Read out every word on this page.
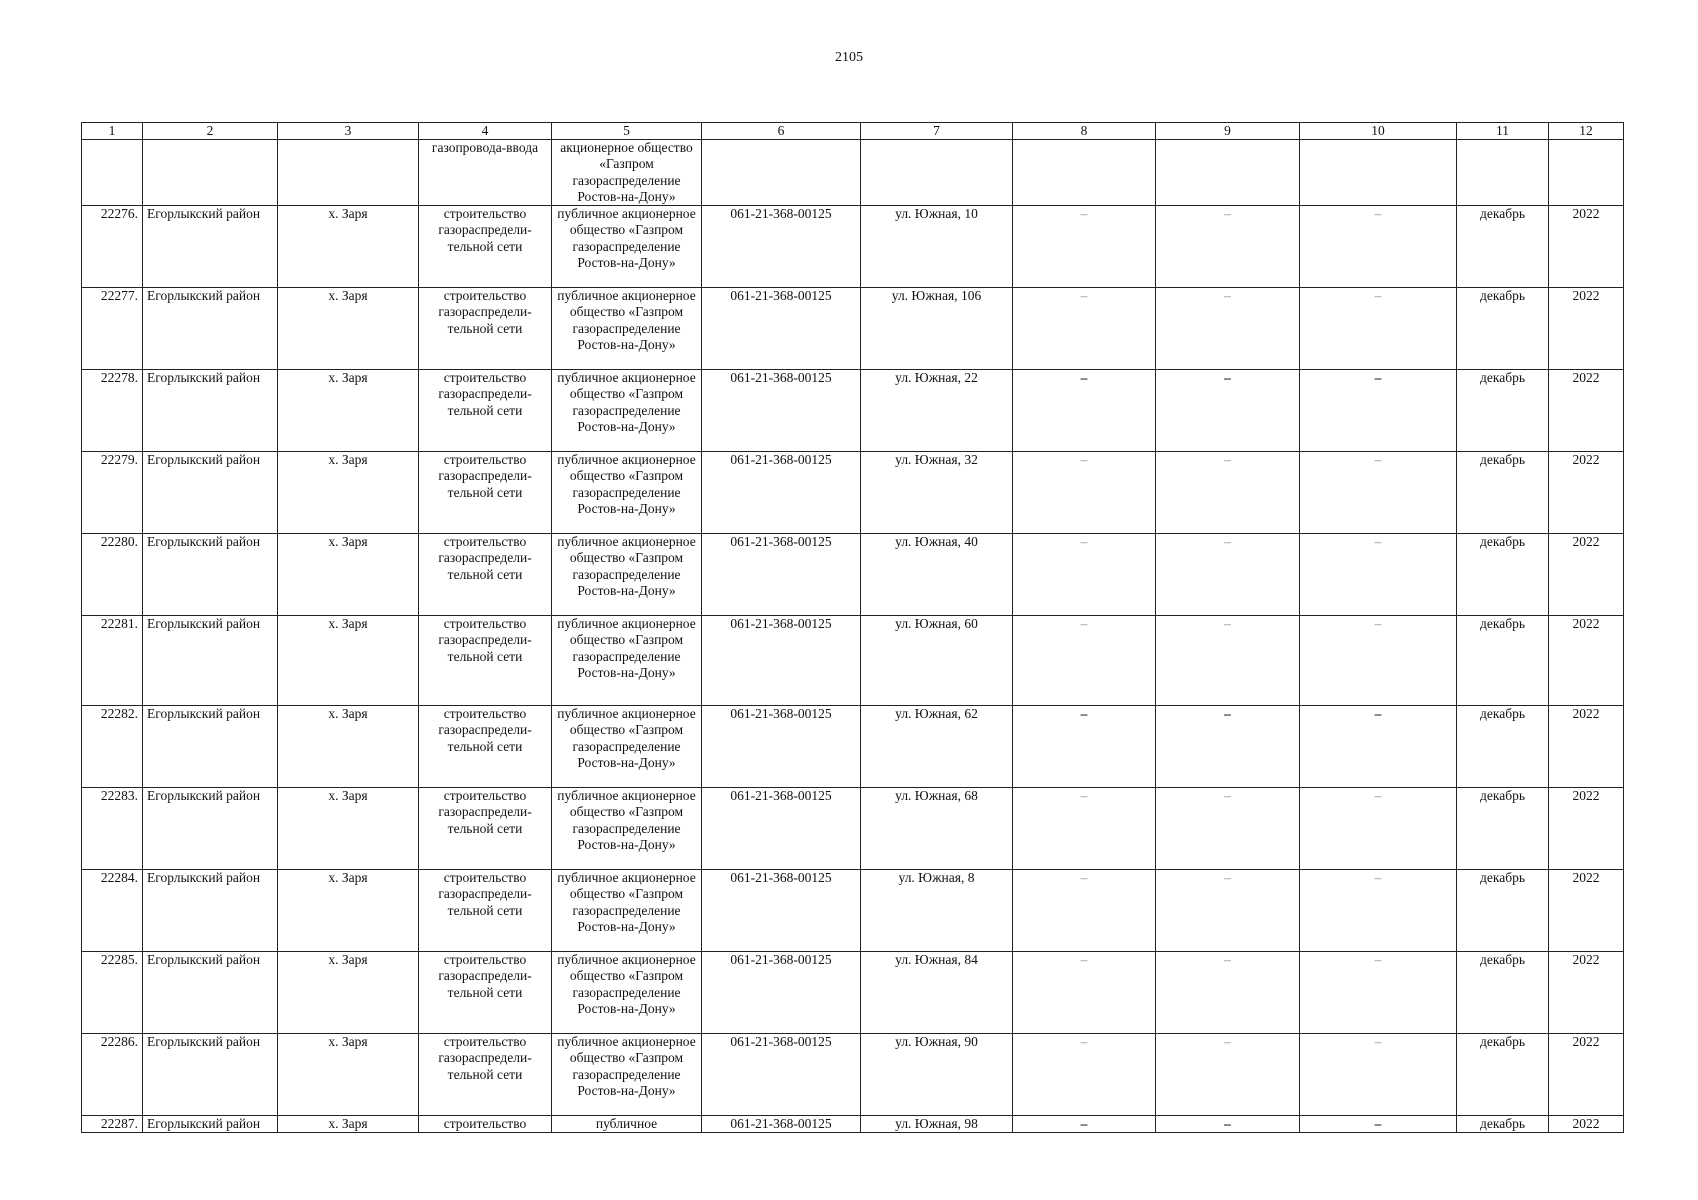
2105
1	2	3	4	5	6	7	8	9	10	11	12
			газопровода-ввода	акционерное общество «Газпром газораспределение Ростов-на-Дону»							
22276.	Егорлыкский район	х. Заря	строительство газораспредели-тельной сети	публичное акционерное общество «Газпром газораспределение Ростов-на-Дону»	061-21-368-00125	ул. Южная, 10	–	–	–	декабрь	2022
22277.	Егорлыкский район	х. Заря	строительство газораспредели-тельной сети	публичное акционерное общество «Газпром газораспределение Ростов-на-Дону»	061-21-368-00125	ул. Южная, 106	–	–	–	декабрь	2022
22278.	Егорлыкский район	х. Заря	строительство газораспредели-тельной сети	публичное акционерное общество «Газпром газораспределение Ростов-на-Дону»	061-21-368-00125	ул. Южная, 22	–	–	–	декабрь	2022
22279.	Егорлыкский район	х. Заря	строительство газораспредели-тельной сети	публичное акционерное общество «Газпром газораспределение Ростов-на-Дону»	061-21-368-00125	ул. Южная, 32	–	–	–	декабрь	2022
22280.	Егорлыкский район	х. Заря	строительство газораспредели-тельной сети	публичное акционерное общество «Газпром газораспределение Ростов-на-Дону»	061-21-368-00125	ул. Южная, 40	–	–	–	декабрь	2022
22281.	Егорлыкский район	х. Заря	строительство газораспредели-тельной сети	публичное акционерное общество «Газпром газораспределение Ростов-на-Дону»	061-21-368-00125	ул. Южная, 60	–	–	–	декабрь	2022
22282.	Егорлыкский район	х. Заря	строительство газораспредели-тельной сети	публичное акционерное общество «Газпром газораспределение Ростов-на-Дону»	061-21-368-00125	ул. Южная, 62	–	–	–	декабрь	2022
22283.	Егорлыкский район	х. Заря	строительство газораспредели-тельной сети	публичное акционерное общество «Газпром газораспределение Ростов-на-Дону»	061-21-368-00125	ул. Южная, 68	–	–	–	декабрь	2022
22284.	Егорлыкский район	х. Заря	строительство газораспредели-тельной сети	публичное акционерное общество «Газпром газораспределение Ростов-на-Дону»	061-21-368-00125	ул. Южная, 8	–	–	–	декабрь	2022
22285.	Егорлыкский район	х. Заря	строительство газораспредели-тельной сети	публичное акционерное общество «Газпром газораспределение Ростов-на-Дону»	061-21-368-00125	ул. Южная, 84	–	–	–	декабрь	2022
22286.	Егорлыкский район	х. Заря	строительство газораспредели-тельной сети	публичное акционерное общество «Газпром газораспределение Ростов-на-Дону»	061-21-368-00125	ул. Южная, 90	–	–	–	декабрь	2022
22287.	Егорлыкский район	х. Заря	строительство	публичное	061-21-368-00125	ул. Южная, 98	–	–	–	декабрь	2022
